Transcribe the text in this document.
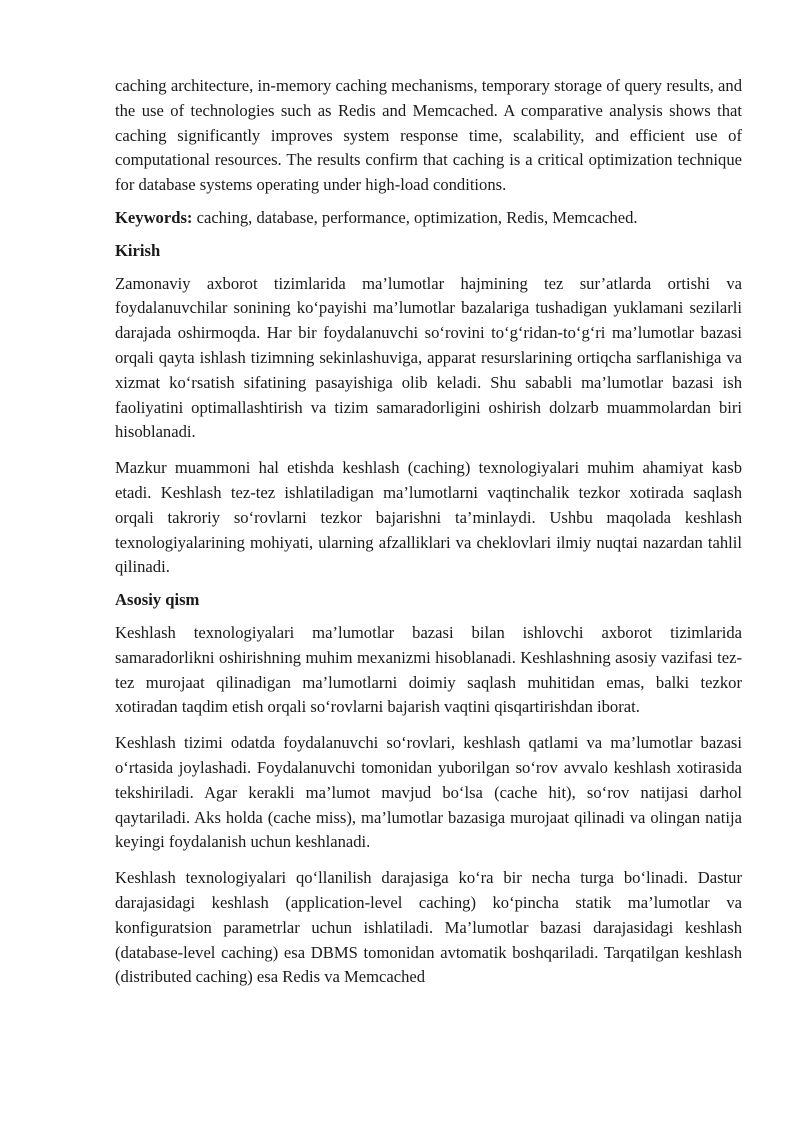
caching architecture, in-memory caching mechanisms, temporary storage of query results, and the use of technologies such as Redis and Memcached. A comparative analysis shows that caching significantly improves system response time, scalability, and efficient use of computational resources. The results confirm that caching is a critical optimization technique for database systems operating under high-load conditions.

Keywords: caching, database, performance, optimization, Redis, Memcached.

Kirish

Zamonaviy axborot tizimlarida ma’lumotlar hajmining tez sur’atlarda ortishi va foydalanuvchilar sonining ko‘payishi ma’lumotlar bazalariga tushadigan yuklamani sezilarli darajada oshirmoqda. Har bir foydalanuvchi so‘rovini to‘g‘ridan-to‘g‘ri ma’lumotlar bazasi orqali qayta ishlash tizimning sekinlashuviga, apparat resurslarining ortiqcha sarflanishiga va xizmat ko‘rsatish sifatining pasayishiga olib keladi. Shu sababli ma’lumotlar bazasi ish faoliyatini optimallashtirish va tizim samaradorligini oshirish dolzarb muammolardan biri hisoblanadi.

Mazkur muammoni hal etishda keshlash (caching) texnologiyalari muhim ahamiyat kasb etadi. Keshlash tez-tez ishlatiladigan ma’lumotlarni vaqtinchalik tezkor xotirada saqlash orqali takroriy so‘rovlarni tezkor bajarishni ta’minlaydi. Ushbu maqolada keshlash texnologiyalarining mohiyati, ularning afzalliklari va cheklovlari ilmiy nuqtai nazardan tahlil qilinadi.

Asosiy qism

Keshlash texnologiyalari ma’lumotlar bazasi bilan ishlovchi axborot tizimlarida samaradorlikni oshirishning muhim mexanizmi hisoblanadi. Keshlashning asosiy vazifasi tez-tez murojaat qilinadigan ma’lumotlarni doimiy saqlash muhitidan emas, balki tezkor xotiradan taqdim etish orqali so‘rovlarni bajarish vaqtini qisqartirishdan iborat.

Keshlash tizimi odatda foydalanuvchi so‘rovlari, keshlash qatlami va ma’lumotlar bazasi o‘rtasida joylashadi. Foydalanuvchi tomonidan yuborilgan so‘rov avvalo keshlash xotirasida tekshiriladi. Agar kerakli ma’lumot mavjud bo‘lsa (cache hit), so‘rov natijasi darhol qaytariladi. Aks holda (cache miss), ma’lumotlar bazasiga murojaat qilinadi va olingan natija keyingi foydalanish uchun keshlanadi.

Keshlash texnologiyalari qo‘llanilish darajasiga ko‘ra bir necha turga bo‘linadi. Dastur darajasidagi keshlash (application-level caching) ko‘pincha statik ma’lumotlar va konfiguratsion parametrlar uchun ishlatiladi. Ma’lumotlar bazasi darajasidagi keshlash (database-level caching) esa DBMS tomonidan avtomatik boshqariladi. Tarqatilgan keshlash (distributed caching) esa Redis va Memcached
